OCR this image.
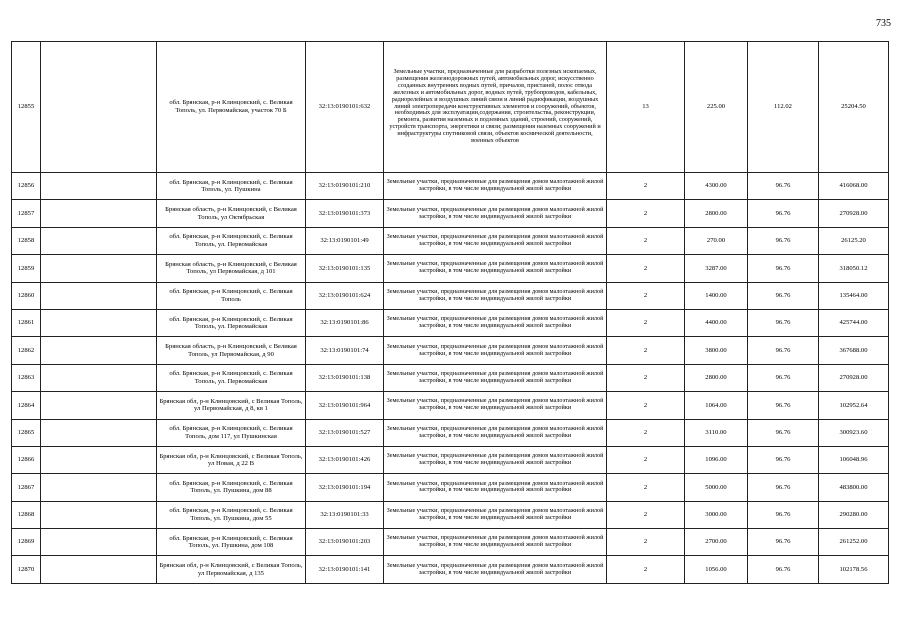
735
12855		обл. Брянская, р-н Клинцовский, с. Великая Тополь, ул. Первомайская, участок 70 Б	32:13:0190101:632	Земельные участки, предназначенные для разработки полезных ископаемых, размещения железнодорожных путей, автомобильных дорог, искусственно созданных внутренних водных путей, причалов, пристаней, полос отвода железных и автомобильных дорог, водных путей, трубопроводов, кабельных, радиорелейных и воздушных линий связи и линий радиофикации, воздушных линий электропередачи конструктивных элементов и сооружений, объектов, необходимых для эксплуатации,содержания, строительства, реконструкции, ремонта, развития наземных и подземных зданий, строений, сооружений, устройств транспорта, энергетики и связи; размещения наземных сооружений и инфраструктуры спутниковой связи, объектов космической деятельности, военных объектов	13	225.00	112.02	25204.50
12856		обл. Брянская, р-н Клинцовский, с. Великая Тополь, ул. Пушкина	32:13:0190101:210	Земельные участки, предназначенные для размещения домов малоэтажной жилой застройки, в том числе индивидуальной жилой застройки	2	4300.00	96.76	416068.00
12857		Брянская область, р-н Клинцовский, с Великая Тополь, ул Октябрьская	32:13:0190101:373	Земельные участки, предназначенные для размещения домов малоэтажной жилой застройки, в том числе индивидуальной жилой застройки	2	2800.00	96.76	270928.00
12858		обл. Брянская, р-н Клинцовский, с. Великая Тополь, ул. Первомайская	32:13:0190101:49	Земельные участки, предназначенные для размещения домов малоэтажной жилой застройки, в том числе индивидуальной жилой застройки	2	270.00	96.76	26125.20
12859		Брянская область, р-н Клинцовский, с Великая Тополь, ул Первомайская, д 101	32:13:0190101:135	Земельные участки, предназначенные для размещения домов малоэтажной жилой застройки, в том числе индивидуальной жилой застройки	2	3287.00	96.76	318050.12
12860		обл. Брянская, р-н Клинцовский, с. Великая Тополь	32:13:0190101:624	Земельные участки, предназначенные для размещения домов малоэтажной жилой застройки, в том числе индивидуальной жилой застройки	2	1400.00	96.76	135464.00
12861		обл. Брянская, р-н Клинцовский, с. Великая Тополь, ул. Первомайская	32:13:0190101:86	Земельные участки, предназначенные для размещения домов малоэтажной жилой застройки, в том числе индивидуальной жилой застройки	2	4400.00	96.76	425744.00
12862		Брянская область, р-н Клинцовский, с Великая Тополь, ул Первомайская, д 90	32:13:0190101:74	Земельные участки, предназначенные для размещения домов малоэтажной жилой застройки, в том числе индивидуальной жилой застройки	2	3800.00	96.76	367688.00
12863		обл. Брянская, р-н Клинцовский, с. Великая Тополь, ул. Первомайская	32:13:0190101:138	Земельные участки, предназначенные для размещения домов малоэтажной жилой застройки, в том числе индивидуальной жилой застройки	2	2800.00	96.76	270928.00
12864		Брянская обл, р-н Клинцовский, с Великая Тополь, ул Первомайская, д 8, кв 1	32:13:0190101:964	Земельные участки, предназначенные для размещения домов малоэтажной жилой застройки, в том числе индивидуальной жилой застройки	2	1064.00	96.76	102952.64
12865		обл. Брянская, р-н Клинцовский, с. Великая Тополь, дом 117, ул Пушкинская	32:13:0190101:527	Земельные участки, предназначенные для размещения домов малоэтажной жилой застройки, в том числе индивидуальной жилой застройки	2	3110.00	96.76	300923.60
12866		Брянская обл, р-н Клинцовский, с Великая Тополь, ул Новая, д 22 В	32:13:0190101:426	Земельные участки, предназначенные для размещения домов малоэтажной жилой застройки, в том числе индивидуальной жилой застройки	2	1096.00	96.76	106048.96
12867		обл. Брянская, р-н Клинцовский, с. Великая Тополь, ул. Пушкина, дом 88	32:13:0190101:194	Земельные участки, предназначенные для размещения домов малоэтажной жилой застройки, в том числе индивидуальной жилой застройки	2	5000.00	96.76	483800.00
12868		обл. Брянская, р-н Клинцовский, с. Великая Тополь, ул. Пушкина, дом 55	32:13:0190101:33	Земельные участки, предназначенные для размещения домов малоэтажной жилой застройки, в том числе индивидуальной жилой застройки	2	3000.00	96.76	290280.00
12869		обл. Брянская, р-н Клинцовский, с. Великая Тополь, ул. Пушкина, дом 108	32:13:0190101:203	Земельные участки, предназначенные для размещения домов малоэтажной жилой застройки, в том числе индивидуальной жилой застройки	2	2700.00	96.76	261252.00
12870		Брянская обл, р-н Клинцовский, с Великая Тополь, ул Первомайская, д 135	32:13:0190101:141	Земельные участки, предназначенные для размещения домов малоэтажной жилой застройки, в том числе индивидуальной жилой застройки	2	1056.00	96.76	102178.56
